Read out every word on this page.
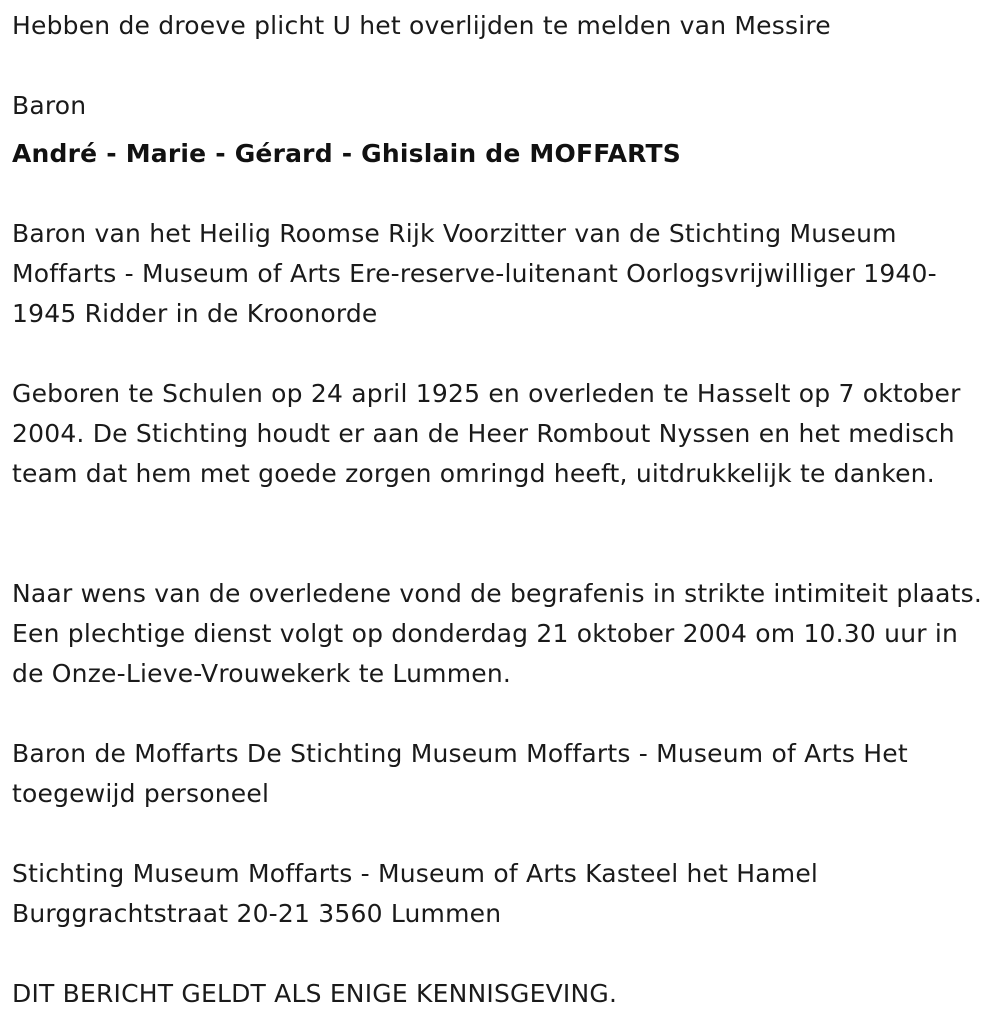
Hebben de droeve plicht U het overlijden te melden van Messire

Baron

André - Marie - Gérard - Ghislain de MOFFARTS

Baron van het Heilig Roomse Rijk Voorzitter van de Stichting Museum Moffarts - Museum of Arts Ere-reserve-luitenant Oorlogsvrijwilliger 1940-1945 Ridder in de Kroonorde

Geboren te Schulen op 24 april 1925 en overleden te Hasselt op 7 oktober 2004. De Stichting houdt er aan de Heer Rombout Nyssen en het medisch team dat hem met goede zorgen omringd heeft, uitdrukkelijk te danken.

Naar wens van de overledene vond de begrafenis in strikte intimiteit plaats. Een plechtige dienst volgt op donderdag 21 oktober 2004 om 10.30 uur in de Onze-Lieve-Vrouwekerk te Lummen.

Baron de Moffarts De Stichting Museum Moffarts - Museum of Arts Het toegewijd personeel

Stichting Museum Moffarts - Museum of Arts Kasteel het Hamel Burggrachtstraat 20-21 3560 Lummen

DIT BERICHT GELDT ALS ENIGE KENNISGEVING.
